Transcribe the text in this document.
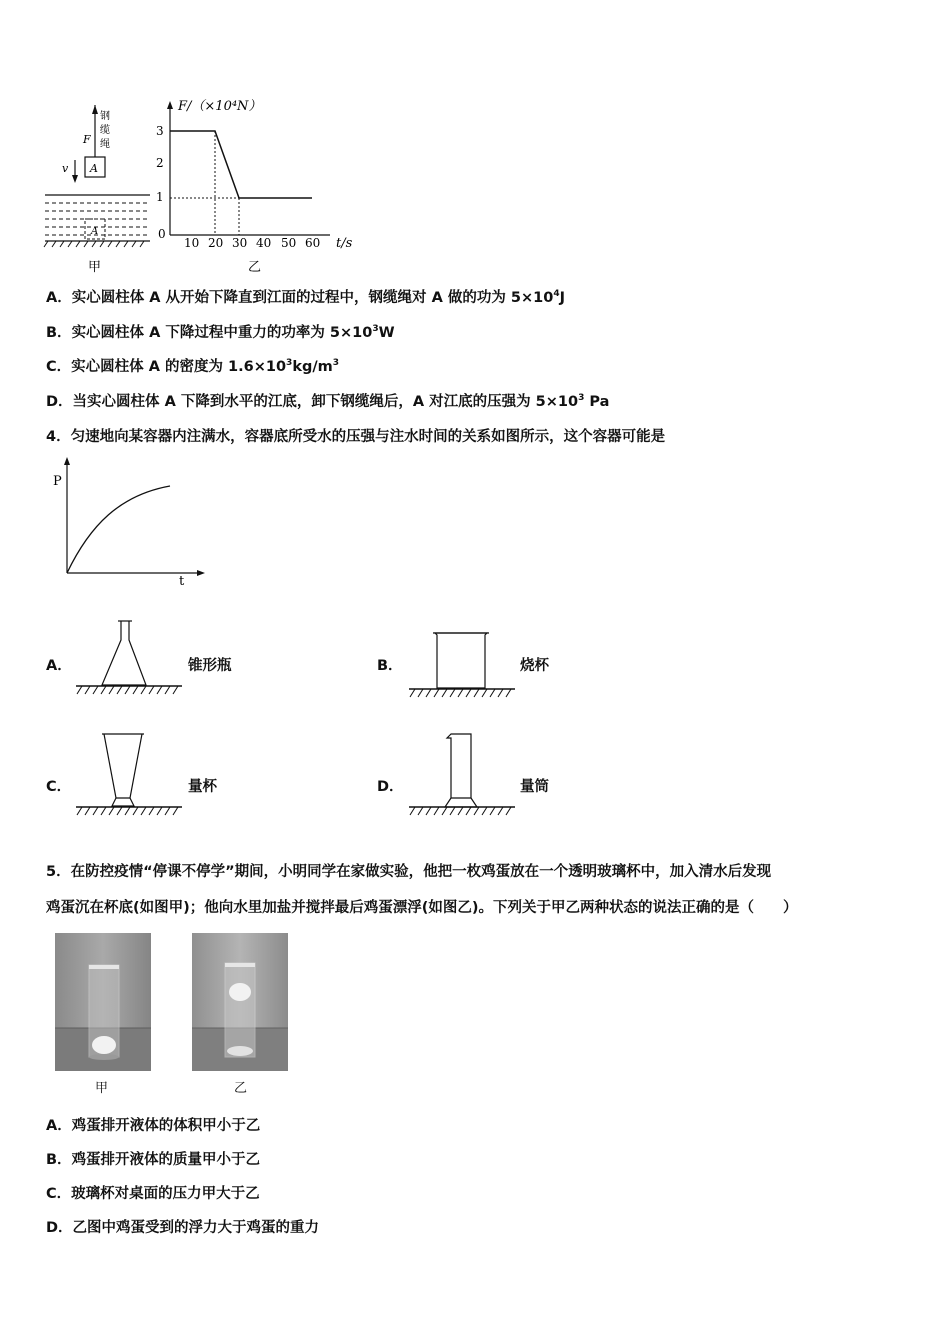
F
钢
缆
绳
v A
A
甲
F/（×10⁴N）
3
2
1
0
10 20 30 40 50 60 t/s
乙
A．实心圆柱体 A 从开始下降直到江面的过程中，钢缆绳对 A 做的功为 $5\times 10^4J$
B．实心圆柱体 A 下降过程中重力的功率为 $5\times 10^3W$
C．实心圆柱体 A 的密度为 $1.6\times 10^3kg/m^3$
D．当实心圆柱体 A 下降到水平的江底，卸下钢缆绳后，A 对江底的压强为 $5\times 10^3$ Pa
4．匀速地向某容器内注满水，容器底所受水的压强与注水时间的关系如图所示，这个容器可能是
P
t
A．	锥形瓶	B．	烧杯
C．	量杯	D．	量筒
5．在防控疫情“停课不停学”期间，小明同学在家做实验，他把一枚鸡蛋放在一个透明玻璃杯中，加入清水后发现
鸡蛋沉在杯底(如图甲)；他向水里加盐并搅拌最后鸡蛋漂浮(如图乙)。下列关于甲乙两种状态的说法正确的是（　　）
甲	乙
A．鸡蛋排开液体的体积甲小于乙
B．鸡蛋排开液体的质量甲小于乙
C．玻璃杯对桌面的压力甲大于乙
D．乙图中鸡蛋受到的浮力大于鸡蛋的重力
